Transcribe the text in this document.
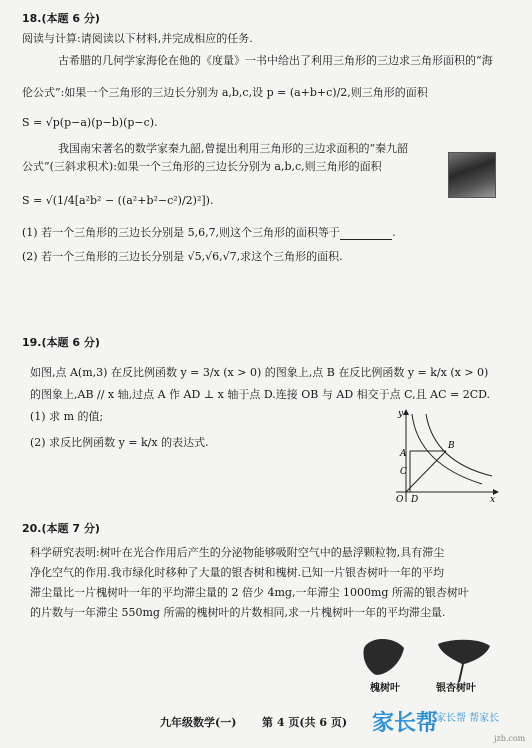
18.(本题 6 分)
阅读与计算:请阅读以下材料,并完成相应的任务.
古希腊的几何学家海伦在他的《度量》一书中给出了利用三角形的三边求三角形面积的“海
伦公式”:如果一个三角形的三边长分别为 a,b,c,设 p = (a+b+c)/2,则三角形的面积
S = √p(p−a)(p−b)(p−c).
我国南宋著名的数学家秦九韶,曾提出利用三角形的三边求面积的“秦九韶
公式”(三斜求积术):如果一个三角形的三边长分别为 a,b,c,则三角形的面积
S = √(1/4[a²b² − ((a²+b²−c²)/2)²]).
(1) 若一个三角形的三边长分别是 5,6,7,则这个三角形的面积等于	.
(2) 若一个三角形的三边长分别是 √5,√6,√7,求这个三角形的面积.
19.(本题 6 分)
如图,点 A(m,3) 在反比例函数 y = 3/x (x > 0) 的图象上,点 B 在反比例函数 y = k/x (x > 0)
的图象上,AB // x 轴,过点 A 作 AD ⊥ x 轴于点 D.连接 OB 与 AD 相交于点 C,且 AC = 2CD.
(1) 求 m 的值;
(2) 求反比例函数 y = k/x 的表达式.
y
x
O D
A
B
C
20.(本题 7 分)
科学研究表明:树叶在光合作用后产生的分泌物能够吸附空气中的悬浮颗粒物,具有滞尘
净化空气的作用.我市绿化时移种了大量的银杏树和槐树.已知一片银杏树叶一年的平均
滞尘量比一片槐树叶一年的平均滞尘量的 2 倍少 4mg,一年滞尘 1000mg 所需的银杏树叶
的片数与一年滞尘 550mg 所需的槐树叶的片数相同,求一片槐树叶一年的平均滞尘量.
槐树叶	银杏树叶
九年级数学(一) 第 4 页(共 6 页) 家长帮
家长帮 帮家长
jzb.com
